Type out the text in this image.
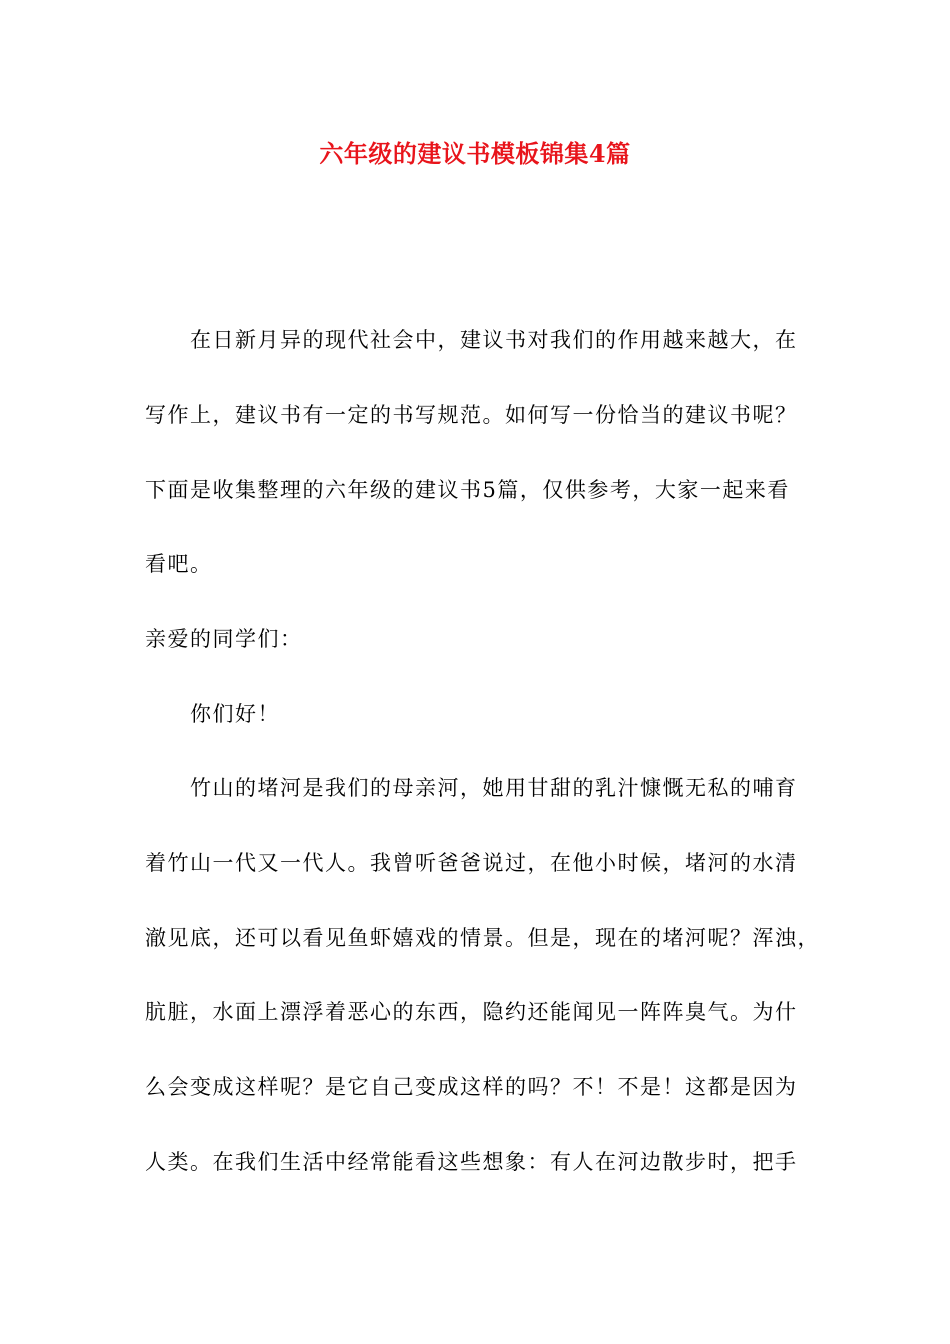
六年级的建议书模板锦集4篇
在日新月异的现代社会中，建议书对我们的作用越来越大，在
写作上，建议书有一定的书写规范。如何写一份恰当的建议书呢？
下面是收集整理的六年级的建议书5篇，仅供参考，大家一起来看
看吧。
亲爱的同学们：
你们好！
竹山的堵河是我们的母亲河，她用甘甜的乳汁慷慨无私的哺育
着竹山一代又一代人。我曾听爸爸说过，在他小时候，堵河的水清
澈见底，还可以看见鱼虾嬉戏的情景。但是，现在的堵河呢？浑浊，
肮脏，水面上漂浮着恶心的东西，隐约还能闻见一阵阵臭气。为什
么会变成这样呢？是它自己变成这样的吗？不！不是！这都是因为
人类。在我们生活中经常能看这些想象：有人在河边散步时，把手
